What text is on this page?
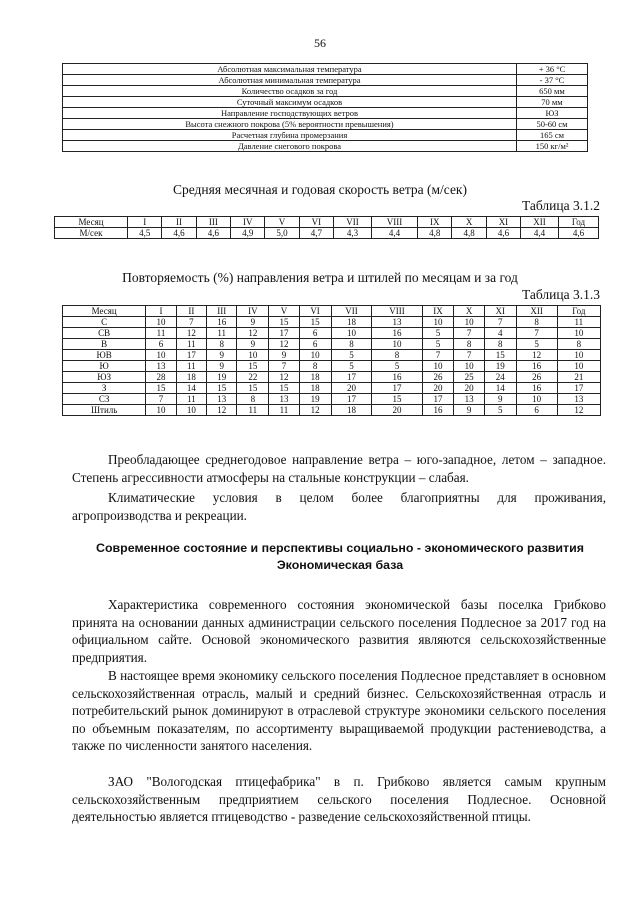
56
Абсолютная максимальная температура	+ 36 °С
Абсолютная минимальная температура	- 37 °С
Количество осадков за год	650 мм
Суточный максимум осадков	70 мм
Направление господствующих ветров	ЮЗ
Высота снежного покрова (5% вероятности превышения)	50-60 см
Расчетная глубина промерзания	165 см
Давление снегового покрова	150 кг/м²
Средняя месячная и годовая скорость ветра (м/сек)
Таблица 3.1.2
Месяц	I	II	III	IV	V	VI	VII	VIII	IX	X	XI	XII	Год
М/сек	4,5	4,6	4,6	4,9	5,0	4,7	4,3	4,4	4,8	4,8	4,6	4,4	4,6
Повторяемость (%) направления ветра и штилей по месяцам и за год
Таблица 3.1.3
Месяц	I	II	III	IV	V	VI	VII	VIII	IX	X	XI	XII	Год
С	10	7	16	9	15	15	18	13	10	10	7	8	11
СВ	11	12	11	12	17	6	10	16	5	7	4	7	10
В	6	11	8	9	12	6	8	10	5	8	8	5	8
ЮВ	10	17	9	10	9	10	5	8	7	7	15	12	10
Ю	13	11	9	15	7	8	5	5	10	10	19	16	10
ЮЗ	28	18	19	22	12	18	17	16	26	25	24	26	21
З	15	14	15	15	15	18	20	17	20	20	14	16	17
СЗ	7	11	13	8	13	19	17	15	17	13	9	10	13
Штиль	10	10	12	11	11	12	18	20	16	9	5	6	12

Преобладающее среднегодовое направление ветра – юго-западное, летом – западное. Степень агрессивности атмосферы на стальные конструкции – слабая.

Климатические условия в целом более благоприятны для проживания, агропроизводства и рекреации.

Современное состояние и перспективы социально - экономического развития
Экономическая база

Характеристика современного состояния экономической базы поселка Грибково принята на основании данных администрации сельского поселения Подлесное за 2017 год на официальном сайте. Основой экономического развития являются сельскохозяйственные предприятия.

В настоящее время экономику сельского поселения Подлесное представляет в основном сельскохозяйственная отрасль, малый и средний бизнес. Сельскохозяйственная отрасль и потребительский рынок доминируют в отраслевой структуре экономики сельского поселения по объемным показателям, по ассортименту выращиваемой продукции растениеводства, а также по численности занятого населения.

ЗАО "Вологодская птицефабрика" в п. Грибково является самым крупным сельскохозяйственным предприятием сельского поселения Подлесное. Основной деятельностью является птицеводство - разведение сельскохозяйственной птицы.
